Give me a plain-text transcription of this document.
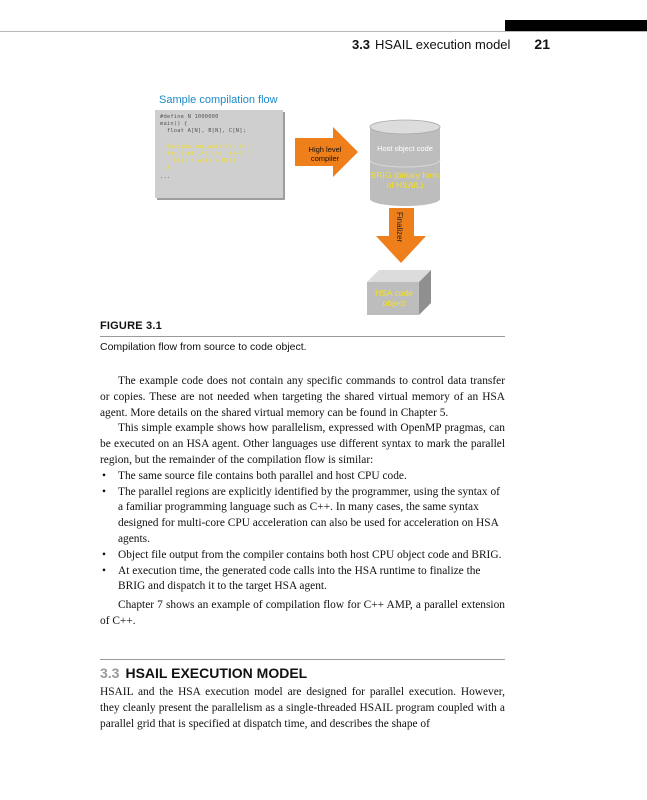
3.3 HSAIL execution model 21
Sample compilation flow
#define N 1000000
main() {
float A[N], B[N], C[N];
#pragma omp parallel for
for (int i=0;i<N; i++) {
C[i] = A[i] + B[i]
}
...
High level compiler
Host object code
BRIG (binary form of HSAIL)
Finalizer
HSA code object
FIGURE 3.1
Compilation flow from source to code object.

The example code does not contain any specific commands to control data transfer or copies. These are not needed when targeting the shared virtual memory of an HSA agent. More details on the shared virtual memory can be found in Chapter 5.

This simple example shows how parallelism, expressed with OpenMP pragmas, can be executed on an HSA agent. Other languages use different syntax to mark the parallel region, but the remainder of the compilation flow is similar:

• The same source file contains both parallel and host CPU code.
• The parallel regions are explicitly identified by the programmer, using the syntax of a familiar programming language such as C++. In many cases, the same syntax designed for multi-core CPU acceleration can also be used for acceleration on HSA agents.
• Object file output from the compiler contains both host CPU object code and BRIG.
• At execution time, the generated code calls into the HSA runtime to finalize the BRIG and dispatch it to the target HSA agent.

Chapter 7 shows an example of compilation flow for C++ AMP, a parallel extension of C++.

3.3 HSAIL EXECUTION MODEL

HSAIL and the HSA execution model are designed for parallel execution. However, they cleanly present the parallelism as a single-threaded HSAIL program coupled with a parallel grid that is specified at dispatch time, and describes the shape of
